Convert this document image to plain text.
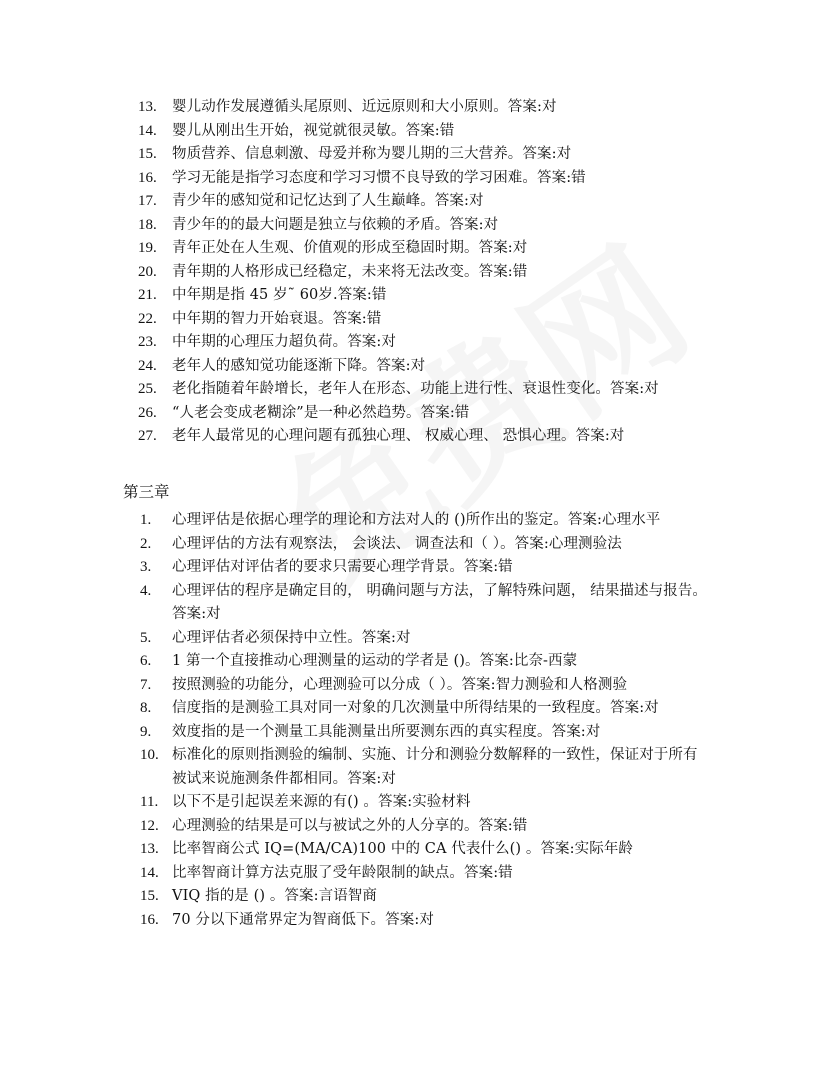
13. 婴儿动作发展遵循头尾原则、近远原则和大小原则。答案:对
14. 婴儿从刚出生开始，视觉就很灵敏。答案:错
15. 物质营养、信息刺激、母爱并称为婴儿期的三大营养。答案:对
16. 学习无能是指学习态度和学习习惯不良导致的学习困难。答案:错
17. 青少年的感知觉和记忆达到了人生巅峰。答案:对
18. 青少年的的最大问题是独立与依赖的矛盾。答案:对
19. 青年正处在人生观、价值观的形成至稳固时期。答案:对
20. 青年期的人格形成已经稳定，未来将无法改变。答案:错
21. 中年期是指 45 岁˜ 60岁.答案:错
22. 中年期的智力开始衰退。答案:错
23. 中年期的心理压力超负荷。答案:对
24. 老年人的感知觉功能逐渐下降。答案:对
25. 老化指随着年龄增长，老年人在形态、功能上进行性、衰退性变化。答案:对
26. “人老会变成老糊涂”是一种必然趋势。答案:错
27. 老年人最常见的心理问题有孤独心理、 权威心理、 恐惧心理。答案:对
第三章
1. 心理评估是依据心理学的理论和方法对人的 ()所作出的鉴定。答案:心理水平
2. 心理评估的方法有观察法， 会谈法、 调查法和（ ）。答案:心理测验法
3. 心理评估对评估者的要求只需要心理学背景。答案:错
4. 心理评估的程序是确定目的， 明确问题与方法，了解特殊问题， 结果描述与报告。答案:对
5. 心理评估者必须保持中立性。答案:对
6. 1 第一个直接推动心理测量的运动的学者是 ()。答案:比奈-西蒙
7. 按照测验的功能分，心理测验可以分成（ ）。答案:智力测验和人格测验
8. 信度指的是测验工具对同一对象的几次测量中所得结果的一致程度。答案:对
9. 效度指的是一个测量工具能测量出所要测东西的真实程度。答案:对
10. 标准化的原则指测验的编制、实施、计分和测验分数解释的一致性，保证对于所有被试来说施测条件都相同。答案:对
11. 以下不是引起误差来源的有() 。答案:实验材料
12. 心理测验的结果是可以与被试之外的人分享的。答案:错
13. 比率智商公式 IQ=(MA/CA)100 中的 CA 代表什么() 。答案:实际年龄
14. 比率智商计算方法克服了受年龄限制的缺点。答案:错
15. VIQ 指的是 () 。答案:言语智商
16. 70 分以下通常界定为智商低下。答案:对
